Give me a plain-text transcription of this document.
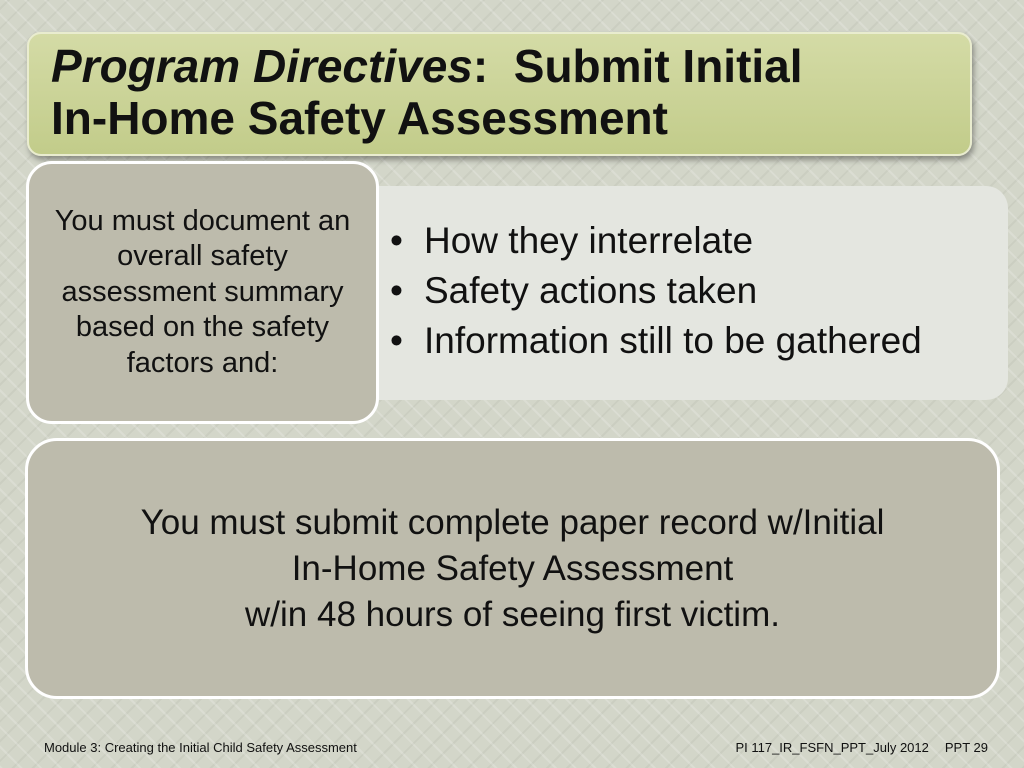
Program Directives: Submit Initial
In-Home Safety Assessment
• How they interrelate
• Safety actions taken
• Information still to be gathered
You must document an overall safety assessment summary based on the safety factors and:
You must submit complete paper record w/Initial
In-Home Safety Assessment
w/in 48 hours of seeing first victim.
Module 3: Creating the Initial Child Safety Assessment	PI 117_IR_FSFN_PPT_July 2012 PPT 29
